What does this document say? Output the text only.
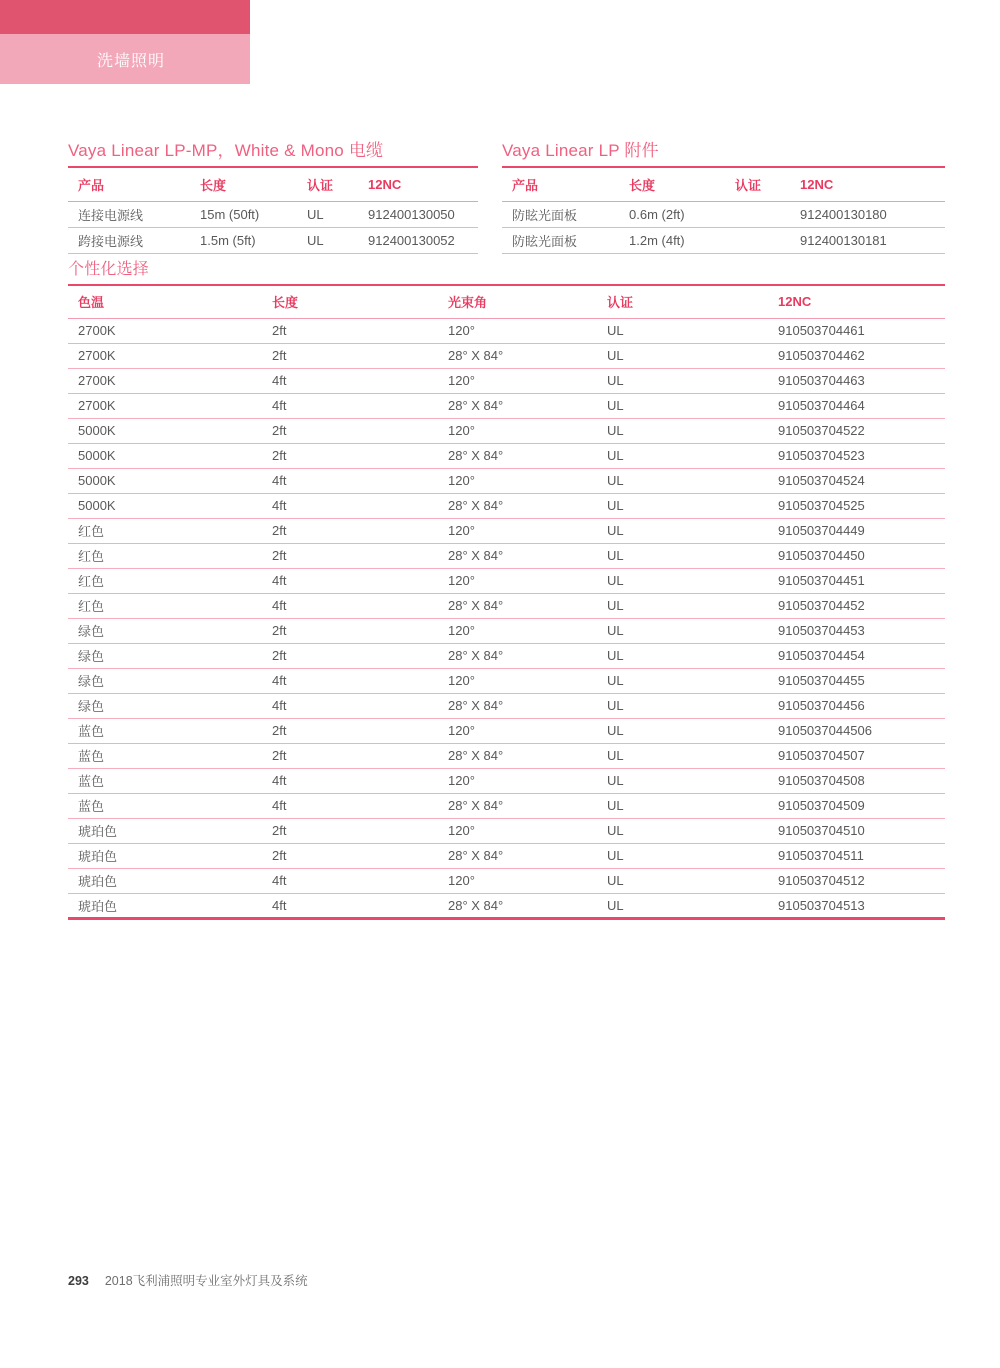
洗墙照明
Vaya Linear LP-MP，White & Mono 电缆
产品	长度	认证	12NC
连接电源线	15m (50ft)	UL	912400130050
跨接电源线	1.5m (5ft)	UL	912400130052
Vaya Linear LP 附件
产品	长度	认证	12NC
防眩光面板	0.6m (2ft)		912400130180
防眩光面板	1.2m (4ft)		912400130181
个性化选择
色温	长度	光束角	认证	12NC
2700K	2ft	120°	UL	910503704461
2700K	2ft	28° X 84°	UL	910503704462
2700K	4ft	120°	UL	910503704463
2700K	4ft	28° X 84°	UL	910503704464
5000K	2ft	120°	UL	910503704522
5000K	2ft	28° X 84°	UL	910503704523
5000K	4ft	120°	UL	910503704524
5000K	4ft	28° X 84°	UL	910503704525
红色	2ft	120°	UL	910503704449
红色	2ft	28° X 84°	UL	910503704450
红色	4ft	120°	UL	910503704451
红色	4ft	28° X 84°	UL	910503704452
绿色	2ft	120°	UL	910503704453
绿色	2ft	28° X 84°	UL	910503704454
绿色	4ft	120°	UL	910503704455
绿色	4ft	28° X 84°	UL	910503704456
蓝色	2ft	120°	UL	9105037044506
蓝色	2ft	28° X 84°	UL	910503704507
蓝色	4ft	120°	UL	910503704508
蓝色	4ft	28° X 84°	UL	910503704509
琥珀色	2ft	120°	UL	910503704510
琥珀色	2ft	28° X 84°	UL	910503704511
琥珀色	4ft	120°	UL	910503704512
琥珀色	4ft	28° X 84°	UL	910503704513
293 2018飞利浦照明专业室外灯具及系统
